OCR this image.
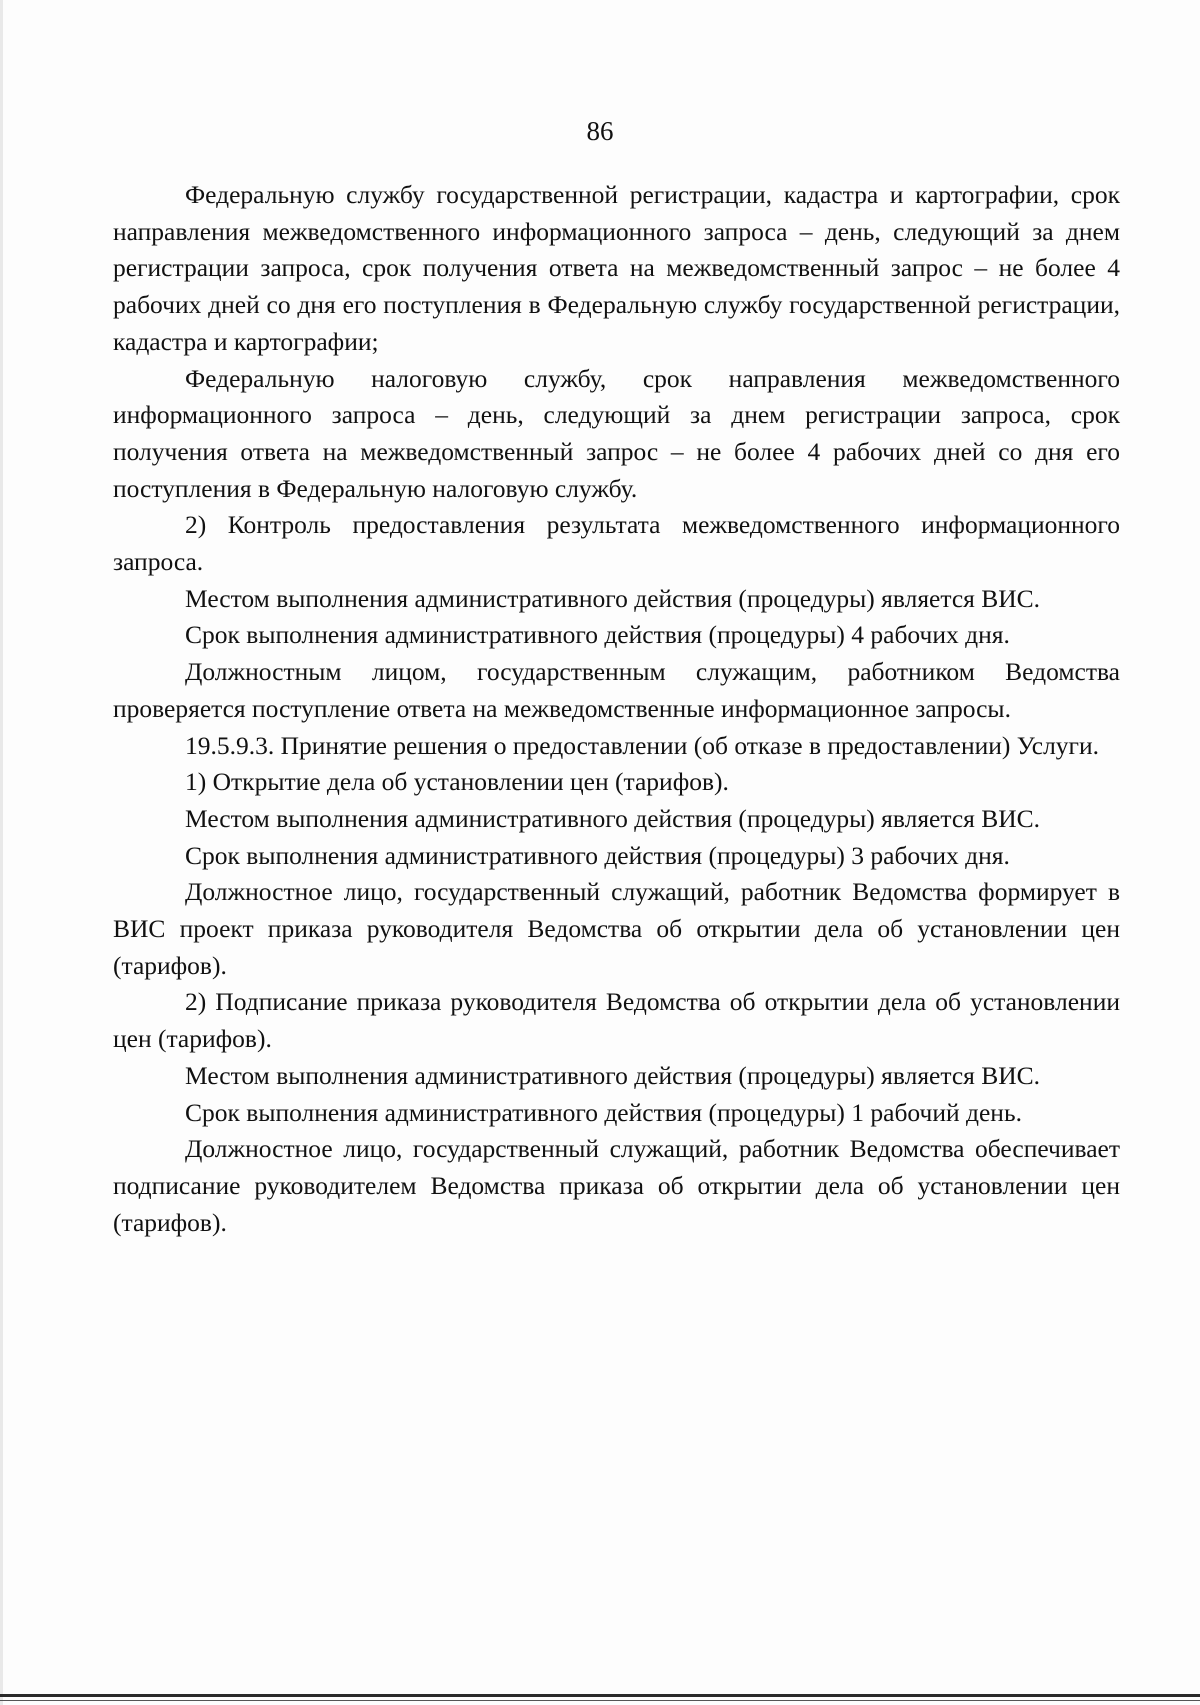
86

Федеральную службу государственной регистрации, кадастра и картографии, срок направления межведомственного информационного запроса – день, следующий за днем регистрации запроса, срок получения ответа на межведомственный запрос – не более 4 рабочих дней со дня его поступления в Федеральную службу государственной регистрации, кадастра и картографии;

Федеральную налоговую службу, срок направления межведомственного информационного запроса – день, следующий за днем регистрации запроса, срок получения ответа на межведомственный запрос – не более 4 рабочих дней со дня его поступления в Федеральную налоговую службу.

2) Контроль предоставления результата межведомственного информационного запроса.

Местом выполнения административного действия (процедуры) является ВИС.

Срок выполнения административного действия (процедуры) 4 рабочих дня.

Должностным лицом, государственным служащим, работником Ведомства проверяется поступление ответа на межведомственные информационное запросы.

19.5.9.3. Принятие решения о предоставлении (об отказе в предоставлении) Услуги.

1) Открытие дела об установлении цен (тарифов).

Местом выполнения административного действия (процедуры) является ВИС.

Срок выполнения административного действия (процедуры) 3 рабочих дня.

Должностное лицо, государственный служащий, работник Ведомства формирует в ВИС проект приказа руководителя Ведомства об открытии дела об установлении цен (тарифов).

2) Подписание приказа руководителя Ведомства об открытии дела об установлении цен (тарифов).

Местом выполнения административного действия (процедуры) является ВИС.

Срок выполнения административного действия (процедуры) 1 рабочий день.

Должностное лицо, государственный служащий, работник Ведомства обеспечивает подписание руководителем Ведомства приказа об открытии дела об установлении цен (тарифов).
